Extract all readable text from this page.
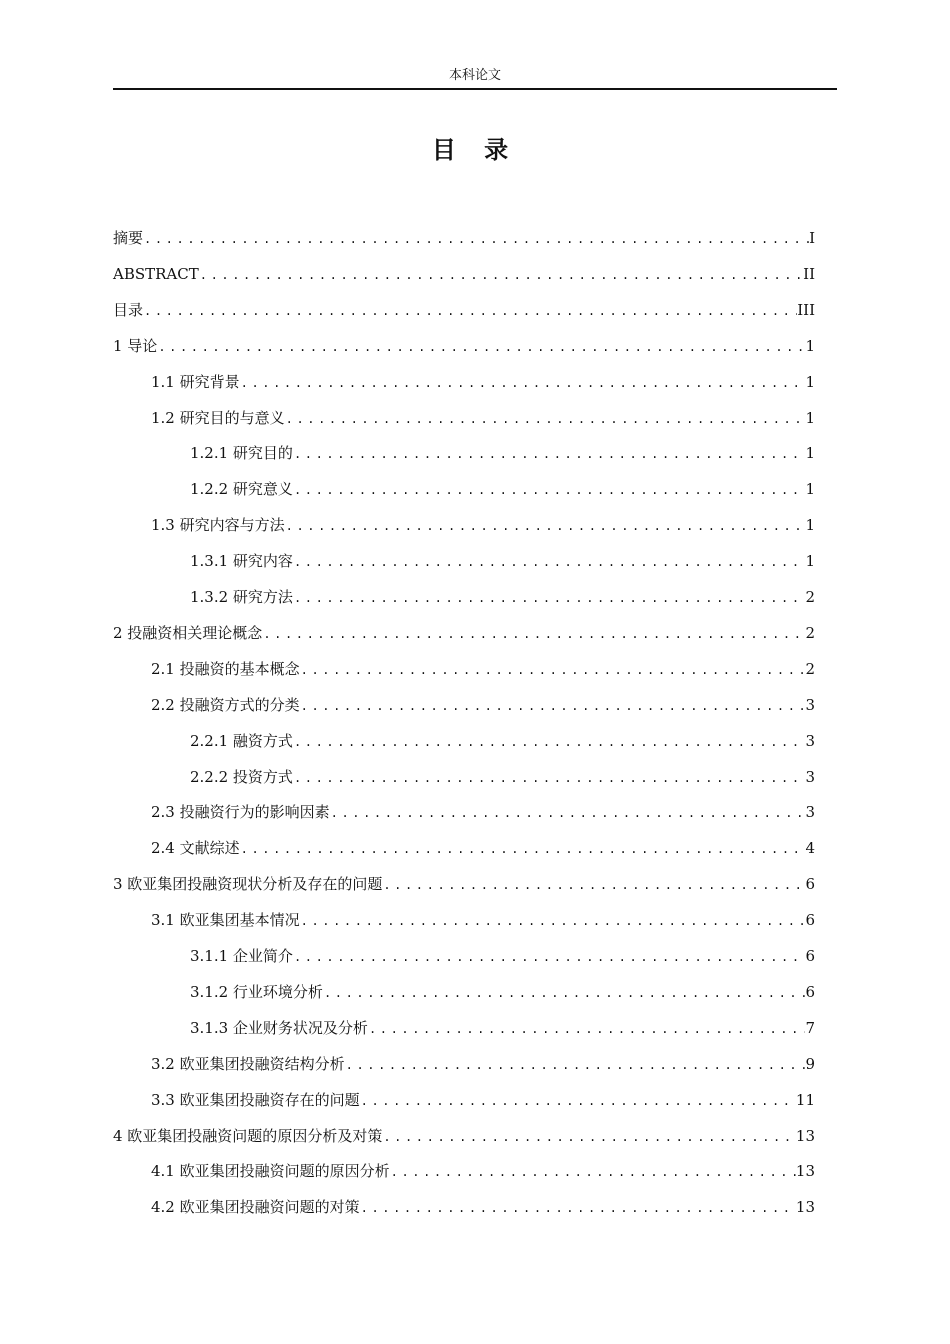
本科论文
目 录
摘要 .....	I
ABSTRACT .....	II
目录 .....	III
1 导论 .....	1
1.1 研究背景 .....	1
1.2 研究目的与意义 .....	1
1.2.1 研究目的 .....	1
1.2.2 研究意义 .....	1
1.3 研究内容与方法 .....	1
1.3.1 研究内容 .....	1
1.3.2 研究方法 .....	2
2 投融资相关理论概念 .....	2
2.1 投融资的基本概念 .....	2
2.2 投融资方式的分类 .....	3
2.2.1 融资方式 .....	3
2.2.2 投资方式 .....	3
2.3 投融资行为的影响因素 .....	3
2.4 文献综述 .....	4
3 欧亚集团投融资现状分析及存在的问题 .....	6
3.1 欧亚集团基本情况 .....	6
3.1.1 企业简介 .....	6
3.1.2 行业环境分析 .....	6
3.1.3 企业财务状况及分析 .....	7
3.2 欧亚集团投融资结构分析 .....	9
3.3 欧亚集团投融资存在的问题 .....	11
4 欧亚集团投融资问题的原因分析及对策 .....	13
4.1 欧亚集团投融资问题的原因分析 .....	13
4.2 欧亚集团投融资问题的对策 .....	13
